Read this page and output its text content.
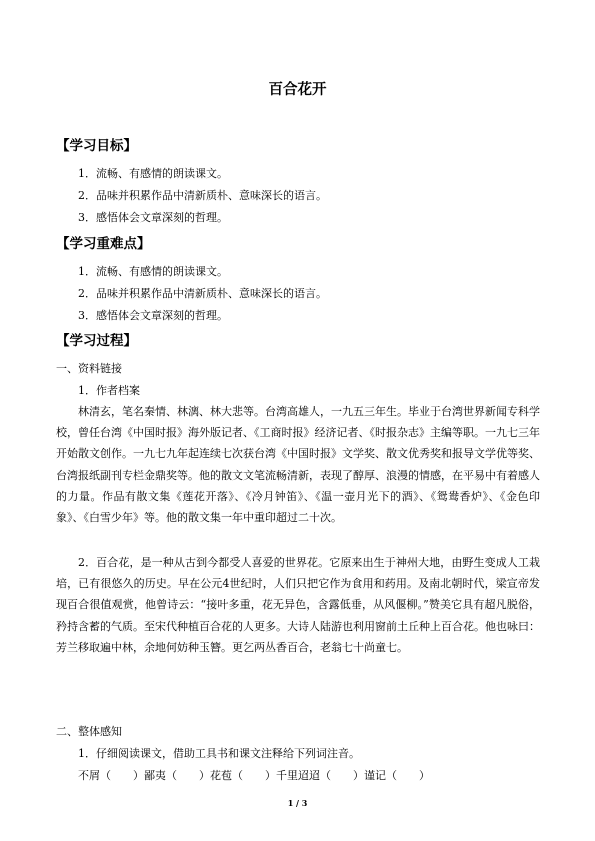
百合花开
【学习目标】
1．流畅、有感情的朗读课文。
2．品味并积累作品中清新质朴、意味深长的语言。
3．感悟体会文章深刻的哲理。
【学习重难点】
1．流畅、有感情的朗读课文。
2．品味并积累作品中清新质朴、意味深长的语言。
3．感悟体会文章深刻的哲理。
【学习过程】
一、资料链接
1．作者档案

林清玄，笔名秦情、林漓、林大悲等。台湾高雄人，一九五三年生。毕业于台湾世界新闻专科学校，曾任台湾《中国时报》海外版记者、《工商时报》经济记者、《时报杂志》主编等职。一九七三年开始散文创作。一九七九年起连续七次获台湾《中国时报》文学奖、散文优秀奖和报导文学优等奖、台湾报纸副刊专栏金鼎奖等。他的散文文笔流畅清新，表现了醇厚、浪漫的情感，在平易中有着感人的力量。作品有散文集《莲花开落》、《冷月钟笛》、《温一壶月光下的酒》、《鸳鸯香炉》、《金色印象》、《白雪少年》等。他的散文集一年中重印超过二十次。

2．百合花，是一种从古到今都受人喜爱的世界花。它原来出生于神州大地，由野生变成人工栽培，已有很悠久的历史。早在公元4世纪时，人们只把它作为食用和药用。及南北朝时代，梁宣帝发现百合很值观赏，他曾诗云：“接叶多重，花无异色，含露低垂，从风偃柳。”赞美它具有超凡脱俗，矜持含蓄的气质。至宋代种植百合花的人更多。大诗人陆游也利用窗前土丘种上百合花。他也咏曰：芳兰移取遍中林，余地何妨种玉簪。更乞两丛香百合，老翁七十尚童七。

二、整体感知
1．仔细阅读课文，借助工具书和课文注释给下列词注音。
不屑（　　）鄙夷（　　）花苞（　　）千里迢迢（　　）谨记（　　）
1 / 3
